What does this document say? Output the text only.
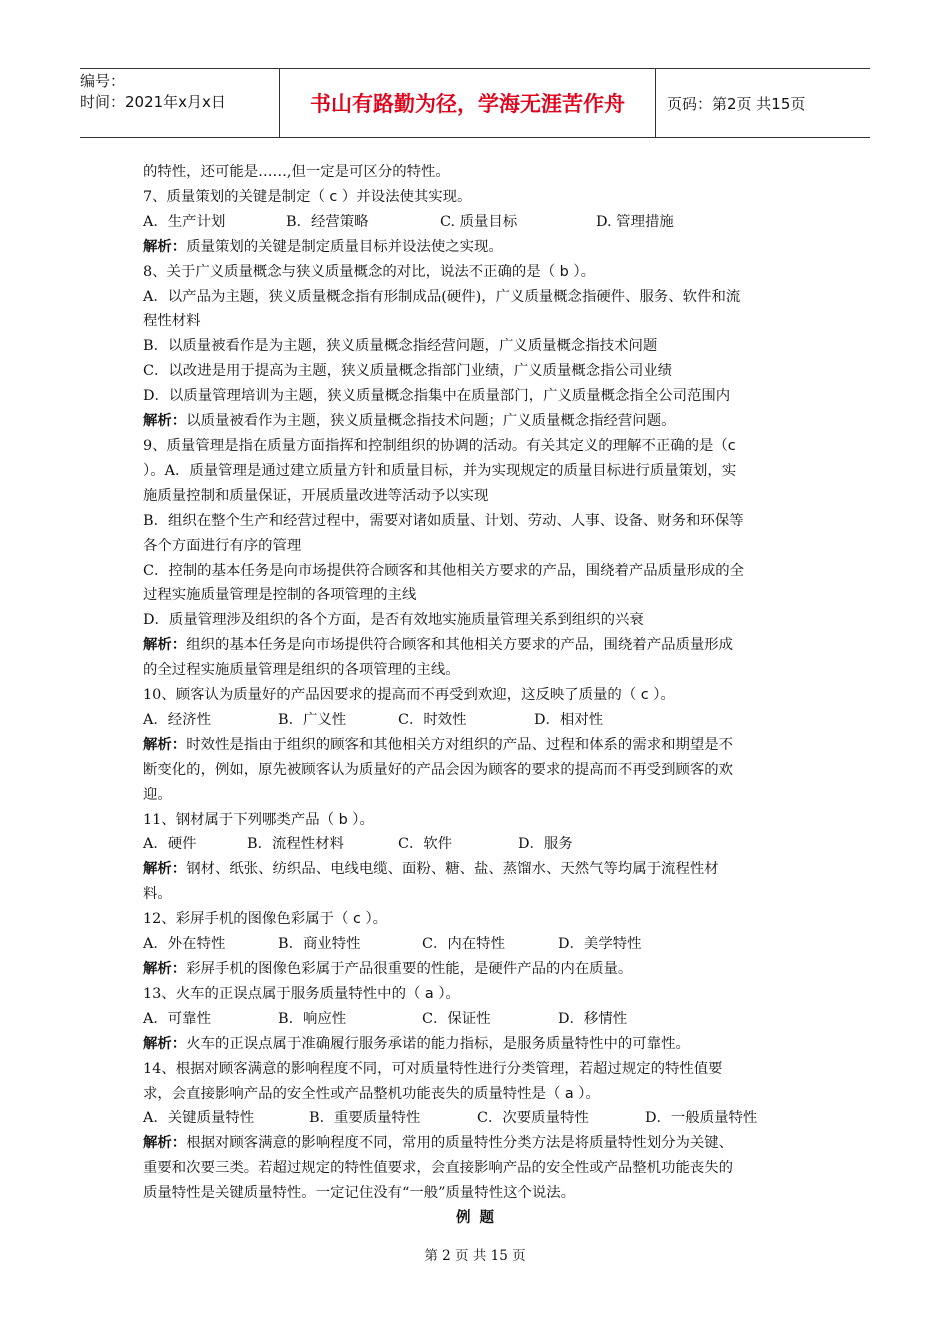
编号：
时间：2021年x月x日	书山有路勤为径，学海无涯苦作舟	页码：第2页 共15页
的特性，还可能是……,但一定是可区分的特性。
7、质量策划的关键是制定（ c ）并设法使其实现。
A．生产计划	B．经营策略	C. 质量目标	D. 管理措施
解析：质量策划的关键是制定质量目标并设法使之实现。
8、关于广义质量概念与狭义质量概念的对比，说法不正确的是（ b ）。
A．以产品为主题，狭义质量概念指有形制成品(硬件)，广义质量概念指硬件、服务、软件和流
程性材料
B．以质量被看作是为主题，狭义质量概念指经营问题，广义质量概念指技术问题
C．以改进是用于提高为主题，狭义质量概念指部门业绩，广义质量概念指公司业绩
D．以质量管理培训为主题，狭义质量概念指集中在质量部门，广义质量概念指全公司范围内
解析：以质量被看作为主题，狭义质量概念指技术问题；广义质量概念指经营问题。
9、质量管理是指在质量方面指挥和控制组织的协调的活动。有关其定义的理解不正确的是（c
）。A．质量管理是通过建立质量方针和质量目标，并为实现规定的质量目标进行质量策划，实
施质量控制和质量保证，开展质量改进等活动予以实现
B．组织在整个生产和经营过程中，需要对诸如质量、计划、劳动、人事、设备、财务和环保等
各个方面进行有序的管理
C．控制的基本任务是向市场提供符合顾客和其他相关方要求的产品，围绕着产品质量形成的全
过程实施质量管理是控制的各项管理的主线
D．质量管理涉及组织的各个方面，是否有效地实施质量管理关系到组织的兴衰
解析：组织的基本任务是向市场提供符合顾客和其他相关方要求的产品，围绕着产品质量形成
的全过程实施质量管理是组织的各项管理的主线。
10、顾客认为质量好的产品因要求的提高而不再受到欢迎，这反映了质量的（ c ）。
A．经济性	B．广义性	C．时效性	D．相对性
解析：时效性是指由于组织的顾客和其他相关方对组织的产品、过程和体系的需求和期望是不
断变化的，例如，原先被顾客认为质量好的产品会因为顾客的要求的提高而不再受到顾客的欢
迎。
11、钢材属于下列哪类产品（ b ）。
A．硬件	B．流程性材料	C．软件	D．服务
解析：钢材、纸张、纺织品、电线电缆、面粉、糖、盐、蒸馏水、天然气等均属于流程性材
料。
12、彩屏手机的图像色彩属于（ c ）。
A．外在特性	B．商业特性	C．内在特性	D．美学特性
解析：彩屏手机的图像色彩属于产品很重要的性能，是硬件产品的内在质量。
13、火车的正误点属于服务质量特性中的（ a ）。
A．可靠性	B．响应性	C．保证性	D．移情性
解析：火车的正误点属于准确履行服务承诺的能力指标，是服务质量特性中的可靠性。
14、根据对顾客满意的影响程度不同，可对质量特性进行分类管理，若超过规定的特性值要
求，会直接影响产品的安全性或产品整机功能丧失的质量特性是（ a ）。
A．关键质量特性	B．重要质量特性	C．次要质量特性	D．一般质量特性
解析：根据对顾客满意的影响程度不同，常用的质量特性分类方法是将质量特性划分为关键、
重要和次要三类。若超过规定的特性值要求，会直接影响产品的安全性或产品整机功能丧失的
质量特性是关键质量特性。一定记住没有“一般”质量特性这个说法。
例 题
第 2 页 共 15 页
